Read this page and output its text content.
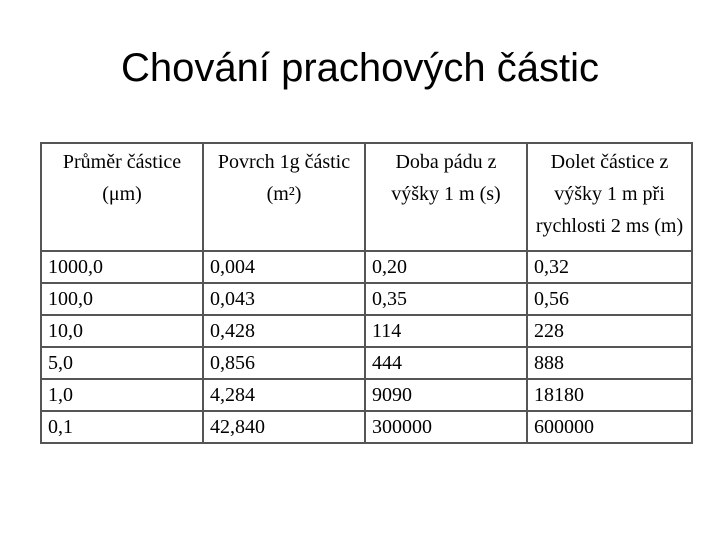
Chování prachových částic
Průměr částice (μm)	Povrch 1g částic (m²)	Doba pádu z výšky 1 m (s)	Dolet částice z výšky 1 m při rychlosti 2 ms (m)
1000,0	0,004	0,20	0,32
100,0	0,043	0,35	0,56
10,0	0,428	114	228
5,0	0,856	444	888
1,0	4,284	9090	18180
0,1	42,840	300000	600000
